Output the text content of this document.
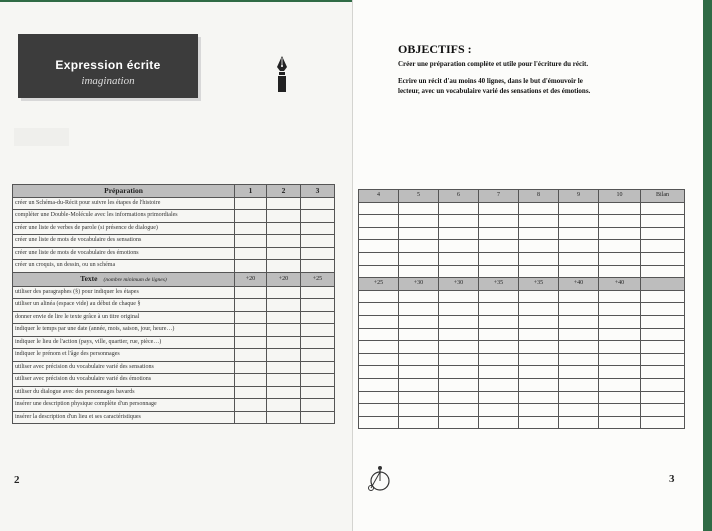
Expression écrite
imagination
2
Préparation	1	2	3
créer un Schéma-du-Récit pour suivre les étapes de l'histoire			
compléter une Double-Molécule avec les informations primordiales			
créer une liste de verbes de parole (si présence de dialogue)			
créer une liste de mots de vocabulaire des sensations			
créer une liste de mots de vocabulaire des émotions			
créer un croquis, un dessin, ou un schéma			
Texte (nombre minimum de lignes)	+20	+20	+25
utiliser des paragraphes (§) pour indiquer les étapes			
utiliser un alinéa (espace vide) au début de chaque §			
donner envie de lire le texte grâce à un titre original			
indiquer le temps par une date (année, mois, saison, jour, heure…)			
indiquer le lieu de l'action (pays, ville, quartier, rue, pièce…)			
indiquer le prénom et l'âge des personnages			
utiliser avec précision du vocabulaire varié des sensations			
utiliser avec précision du vocabulaire varié des émotions			
utiliser du dialogue avec des personnages bavards			
insérer une description physique complète d'un personnage			
insérer la description d'un lieu et ses caractéristiques			
3
OBJECTIFS :
Créer une préparation complète et utile pour l'écriture du récit.
Ecrire un récit d'au moins 40 lignes, dans le but d'émouvoir le
lecteur, avec un vocabulaire varié des sensations et des émotions.
4	5	6	7	8	9	10	Bilan

+25	+30	+30	+35	+35	+40	+40	
